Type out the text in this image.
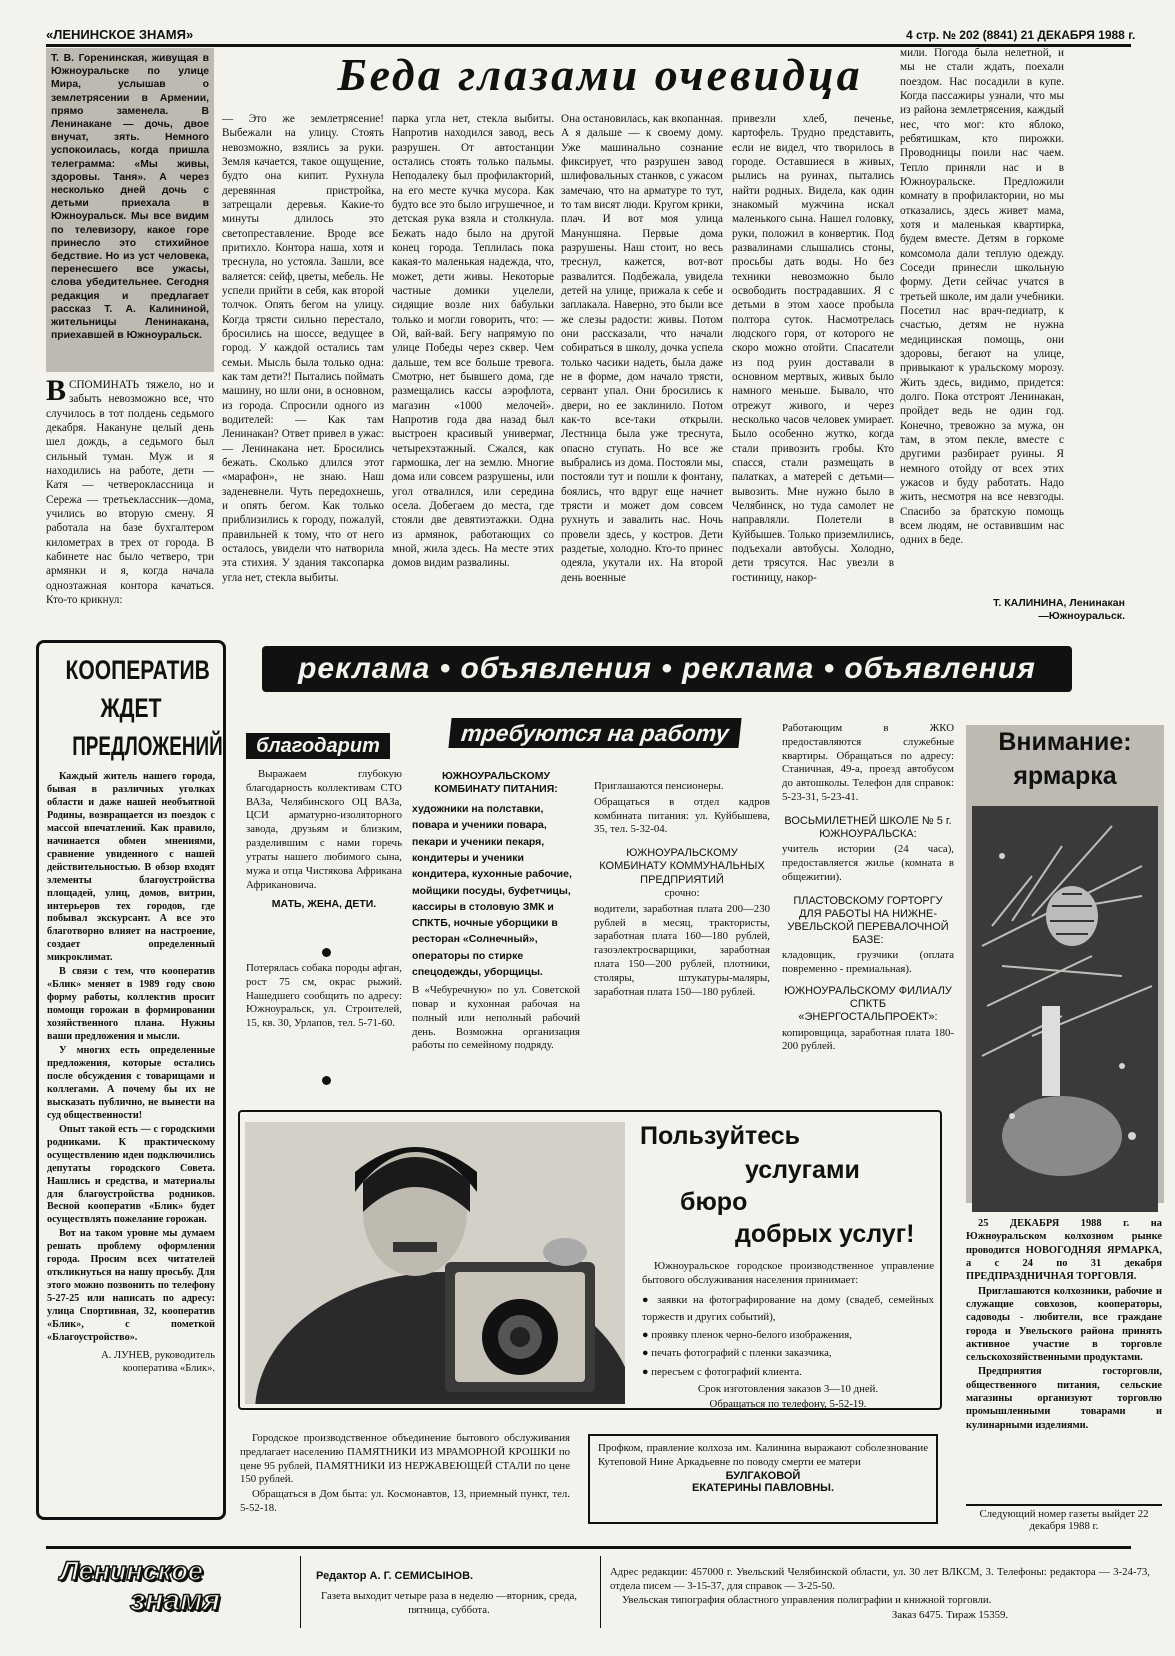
«ЛЕНИНСКОЕ ЗНАМЯ»	4 стр. № 202 (8841) 21 ДЕКАБРЯ 1988 г.
Беда глазами очевидца
Т. В. Горенинская, живущая в Южноуральске по улице Мира, услышав о землетрясении в Армении, прямо заменела. В Ленинакане — дочь, двое внучат, зять. Немного успокоилась, когда пришла телеграмма: «Мы живы, здоровы. Таня». А через несколько дней дочь с детьми приехала в Южноуральск. Мы все видим по телевизору, какое горе принесло это стихийное бедствие. Но из уст человека, перенесшего все ужасы, слова убедительнее. Сегодня редакция и предлагает рассказ Т. А. Калининой, жительницы Ленинакана, приехавшей в Южноуральск.
ВСПОМИНАТЬ тяжело, но и забыть невозможно все, что случилось в тот полдень седьмого декабря. Накануне целый день шел дождь, а седьмого был сильный туман. Муж и я находились на работе, дети — Катя — четвероклассница и Сережа — третьеклассник—дома, учились во вторую смену. Я работала на базе бухгалтером километрах в трех от города. В кабинете нас было четверо, три армянки и я, когда начала однозтажная контора качаться. Кто-то крикнул:
— Это же землетрясение! Выбежали на улицу. Стоять невозможно, взялись за руки. Земля качается, такое ощущение, будто она кипит. Рухнула деревянная пристройка, затрещали деревья. Какие-то минуты длилось это светопреставление. Вроде все притихло. Контора наша, хотя и треснула, но устояла. Зашли, все валяется: сейф, цветы, мебель. Не успели прийти в себя, как второй толчок. Опять бегом на улицу. Когда трясти сильно перестало, бросились на шоссе, ведущее в город. У каждой остались там семьи. Мысль была только одна: как там дети?! Пытались поймать машину, но шли они, в основном, из города. Спросили одного из водителей: — Как там Ленинакан? Ответ привел в ужас: — Ленинакана нет. Бросились бежать. Сколько длился этот «марафон», не знаю. Наш заденевнели. Чуть передохнешь, и опять бегом. Как только приблизились к городу, пожалуй, правильней к тому, что от него осталось, увидели что натворила эта стихия. У здания таксопарка угла нет, стекла выбиты.
парка угла нет, стекла выбиты. Напротив находился завод, весь разрушен. От автостанции остались стоять только пальмы. Неподалеку был профилакторий, на его месте кучка мусора. Как будто все это было игрушечное, и детская рука взяла и столкнула. Бежать надо было на другой конец города. Теплилась пока какая-то маленькая надежда, что, может, дети живы. Некоторые частные домики уцелели, сидящие возле них бабульки только и могли говорить, что: — Ой, вай-вай. Бегу напрямую по улице Победы через сквер. Чем дальше, тем все больше тревога. Смотрю, нет бывшего дома, где размещались кассы аэрофлота, магазин «1000 мелочей». Напротив года два назад был выстроен красивый универмаг, четырехэтажный. Сжался, как гармошка, лег на землю. Многие дома или совсем разрушены, или угол отвалился, или середина осела. Добегаем до места, где стояли две девятиэтажки. Одна из армянок, работающих со мной, жила здесь. На месте этих домов видим развалины.
Она остановилась, как вкопанная. А я дальше — к своему дому. Уже машинально сознание фиксирует, что разрушен завод шлифовальных станков, с ужасом замечаю, что на арматуре то тут, то там висят люди. Кругом крики, плач. И вот моя улица Мануншяна. Первые дома разрушены. Наш стоит, но весь треснул, кажется, вот-вот развалится. Подбежала, увидела детей на улице, прижала к себе и заплакала. Наверно, это были все же слезы радости: живы. Потом они рассказали, что начали собираться в школу, дочка успела только часики надеть, была даже не в форме, дом начало трясти, сервант упал. Они бросились к двери, но ее заклинило. Потом как-то все-таки открыли. Лестница была уже треснута, опасно ступать. Но все же выбрались из дома. Постояли мы, постояли тут и пошли к фонтану, боялись, что вдруг еще начнет трясти и может дом совсем рухнуть и завалить нас. Ночь провели здесь, у костров. Дети раздетые, холодно. Кто-то принес одеяла, укутали их. На второй день военные
привезли хлеб, печенье, картофель. Трудно представить, если не видел, что творилось в городе. Оставшиеся в живых, рылись на руинах, пытались найти родных. Видела, как один знакомый мужчина искал маленького сына. Нашел головку, руки, положил в конвертик. Под развалинами слышались стоны, просьбы дать воды. Но без техники невозможно было освободить пострадавших. Я с детьми в этом хаосе пробыла полтора суток. Насмотрелась людского горя, от которого не скоро можно отойти. Спасатели из под руин доставали в основном мертвых, живых было намного меньше. Бывало, что отрежут живого, и через несколько часов человек умирает. Было особенно жутко, когда стали привозить гробы. Кто спасся, стали размещать в палатках, а матерей с детьми—вывозить. Мне нужно было в Челябинск, но туда самолет не направляли. Полетели в Куйбышев. Только приземлились, подъехали автобусы. Холодно, дети трясутся. Нас увезли в гостиницу, накор-
мили. Погода была нелетной, и мы не стали ждать, поехали поездом. Нас посадили в купе. Когда пассажиры узнали, что мы из района землетрясения, каждый нес, что мог: кто яблоко, ребятишкам, кто пирожки. Проводницы поили нас чаем. Тепло приняли нас и в Южноуральске. Предложили комнату в профилактории, но мы отказались, здесь живет мама, хотя и маленькая квартирка, будем вместе. Детям в горкоме комсомола дали теплую одежду. Соседи принесли школьную форму. Дети сейчас учатся в третьей школе, им дали учебники. Посетил нас врач-педиатр, к счастью, детям не нужна медицинская помощь, они здоровы, бегают на улице, привыкают к уральскому морозу. Жить здесь, видимо, придется: долго. Пока отстроят Ленинакан, пройдет ведь не один год. Конечно, тревожно за мужа, он там, в этом пекле, вместе с другими разбирает руины. Я немного отойду от всех этих ужасов и буду работать. Надо жить, несмотря на все невзгоды. Спасибо за братскую помощь всем людям, не оставившим нас одних в беде.
Т. КАЛИНИНА, Ленинакан—Южноуральск.
реклама • объявления • реклама • объявления
КООПЕРАТИВ
ЖДЕТ
ПРЕДЛОЖЕНИЙ

Каждый житель нашего города, бывая в различных уголках области и даже нашей необъятной Родины, возвращается из поездок с массой впечатлений. Как правило, начинается обмен мнениями, сравнение увиденного с нашей действительностью. В обзор входят элементы благоустройства площадей, улиц, домов, витрин, интерьеров тех городов, где побывал экскурсант. А все это благотворно влияет на настроение, создает определенный микроклимат.

В связи с тем, что кооператив «Блик» меняет в 1989 году свою форму работы, коллектив просит помощи горожан в формировании хозяйственного плана. Нужны ваши предложения и мысли.

У многих есть определенные предложения, которые остались после обсуждения с товарищами и коллегами. А почему бы их не высказать публично, не вынести на суд общественности!

Опыт такой есть — с городскими родниками. К практическому осуществлению идеи подключились депутаты городского Совета. Нашлись и средства, и материалы для благоустройства родников. Весной кооператив «Блик» будет осуществлять пожелание горожан.

Вот на таком уровне мы думаем решать проблему оформления города. Просим всех читателей откликнуться на нашу просьбу. Для этого можно позвонить по телефону 5-27-25 или написать по адресу: улица Спортивная, 32, кооператив «Блик», с пометкой «Благоустройство».

А. ЛУНЕВ, руководитель кооператива «Блик».
благодарит

Выражаем глубокую благодарность коллективам СТО ВАЗа, Челябинского ОЦ ВАЗа, ЦСИ арматурно-изоляторного завода, друзьям и близким, разделившим с нами горечь утраты нашего любимого сына, мужа и отца Чистякова Африкана Африкановича.

МАТЬ, ЖЕНА, ДЕТИ.

Потерялась собака породы афган, рост 75 см, окрас рыжий. Нашедшего сообщить по адресу: Южноуральск, ул. Строителей, 15, кв. 30, Урлапов, тел. 5-71-60.
требуются на работу
ЮЖНОУРАЛЬСКОМУ КОМБИНАТУ ПИТАНИЯ:
художники на полставки, повара и ученики повара, пекари и ученики пекаря, кондитеры и ученики кондитера, кухонные рабочие, мойщики посуды, буфетчицы, кассиры в столовую ЗМК и СПКТБ, ночные уборщики в ресторан «Солнечный», операторы по стирке спецодежды, уборщицы.
В «Чебуречную» по ул. Советской повар и кухонная рабочая на полный или неполный рабочий день. Возможна организация работы по семейному подряду.
Приглашаются пенсионеры.
Обращаться в отдел кадров комбината питания: ул. Куйбышева, 35, тел. 5-32-04.
ЮЖНОУРАЛЬСКОМУ КОМБИНАТУ КОММУНАЛЬНЫХ ПРЕДПРИЯТИЙ
срочно:
водители, заработная плата 200—230 рублей в месяц, трактористы, заработная плата 160—180 рублей, газоэлектросварщики, заработная плата 150—200 рублей, плотники, столяры, штукатуры-маляры, заработная плата 150—180 рублей.
Работающим в ЖКО предоставляются служебные квартиры. Обращаться по адресу: Станичная, 49-а, проезд автобусом до автошколы. Телефон для справок: 5-23-31, 5-23-41.
ВОСЬМИЛЕТНЕЙ ШКОЛЕ № 5 г. ЮЖНОУРАЛЬСКА:
учитель истории (24 часа), предоставляется жилье (комната в общежитии).
ПЛАСТОВСКОМУ ГОРТОРГУ ДЛЯ РАБОТЫ НА НИЖНЕ-УВЕЛЬСКОЙ ПЕРЕВАЛОЧНОЙ БАЗЕ:
кладовщик, грузчики (оплата повременно - премиальная).
ЮЖНОУРАЛЬСКОМУ ФИЛИАЛУ СПКТБ «ЭНЕРГОСТАЛЬПРОЕКТ»:
копировщица, заработная плата 180-200 рублей.
Внимание:
ярмарка

25 ДЕКАБРЯ 1988 г. на Южноуральском колхозном рынке проводится НОВОГОДНЯЯ ЯРМАРКА, а с 24 по 31 декабря ПРЕДПРАЗДНИЧНАЯ ТОРГОВЛЯ.

Приглашаются колхозники, рабочие и служащие совхозов, кооператоры, садоводы - любители, все граждане города и Увельского района принять активное участие в торговле сельскохозяйственными продуктами.

Предприятия госторговли, общественного питания, сельские магазины организуют торговлю промышленными товарами и кулинарными изделиями.

Следующий номер газеты выйдет 22 декабря 1988 г.
Пользуйтесь
услугами
бюро
добрых услуг!

Южноуральское городское производственное управление бытового обслуживания населения принимает:

● заявки на фотографирование на дому (свадеб, семейных торжеств и других событий),

● проявку пленок черно-белого изображения,

● печать фотографий с пленки заказчика,

● пересъем с фотографий клиента.

Срок изготовления заказов 3—10 дней.

Обращаться по телефону, 5-52-19.

Городское производственное объединение бытового обслуживания предлагает населению ПАМЯТНИКИ ИЗ МРАМОРНОЙ КРОШКИ по цене 95 рублей, ПАМЯТНИКИ ИЗ НЕРЖАВЕЮЩЕЙ СТАЛИ по цене 150 рублей.

Обращаться в Дом быта: ул. Космонавтов, 13, приемный пункт, тел. 5-52-18.

Профком, правление колхоза им. Калинина выражают соболезнование Кутеповой Нине Аркадьевне по поводу смерти ее матери
БУЛГАКОВОЙ
ЕКАТЕРИНЫ ПАВЛОВНЫ.
Ленинское
знамя
Редактор А. Г. СЕМИСЫНОВ.
Газета выходит четыре раза в неделю —вторник, среда, пятница, суббота.
Адрес редакции: 457000 г. Увельский Челябинской области, ул. 30 лет ВЛКСМ, 3. Телефоны: редактора — 3-24-73, отдела писем — 3-15-37, для справок — 3-25-50.
Увельская типография областного управления полиграфии и книжной торговли.
Заказ 6475. Тираж 15359.
